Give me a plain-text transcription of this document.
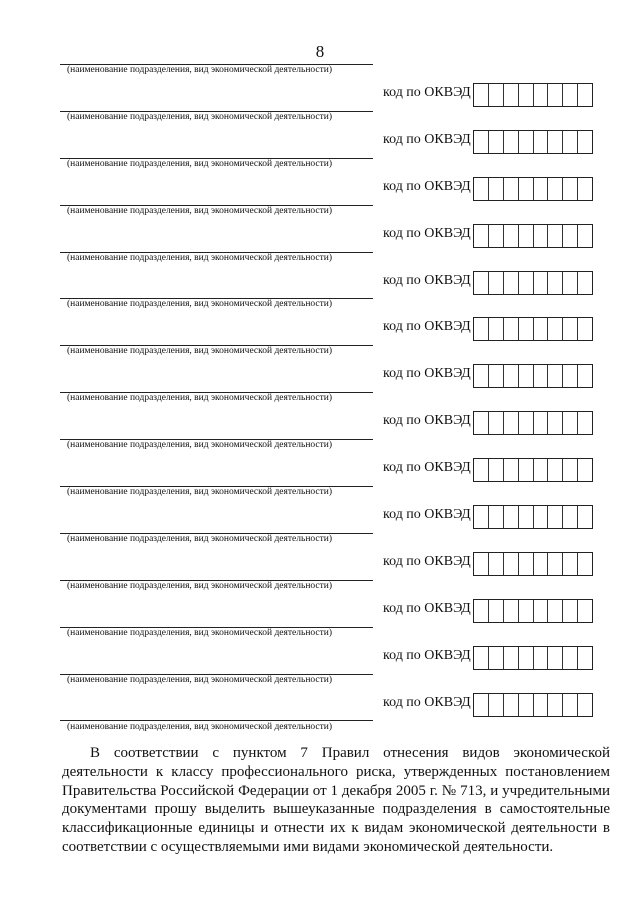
8
(наименование подразделения, вид экономической деятельности)
код по ОКВЭД
(наименование подразделения, вид экономической деятельности)
код по ОКВЭД
(наименование подразделения, вид экономической деятельности)
код по ОКВЭД
(наименование подразделения, вид экономической деятельности)
код по ОКВЭД
(наименование подразделения, вид экономической деятельности)
код по ОКВЭД
(наименование подразделения, вид экономической деятельности)
код по ОКВЭД
(наименование подразделения, вид экономической деятельности)
код по ОКВЭД
(наименование подразделения, вид экономической деятельности)
код по ОКВЭД
(наименование подразделения, вид экономической деятельности)
код по ОКВЭД
(наименование подразделения, вид экономической деятельности)
код по ОКВЭД
(наименование подразделения, вид экономической деятельности)
код по ОКВЭД
(наименование подразделения, вид экономической деятельности)
код по ОКВЭД
(наименование подразделения, вид экономической деятельности)
код по ОКВЭД
(наименование подразделения, вид экономической деятельности)
код по ОКВЭД
(наименование подразделения, вид экономической деятельности)
В соответствии с пунктом 7 Правил отнесения видов экономической деятельности к классу профессионального риска, утвержденных постановлением Правительства Российской Федерации от 1 декабря 2005 г. № 713, и учредительными документами прошу выделить вышеуказанные подразделения в самостоятельные классификационные единицы и отнести их к видам экономической деятельности в соответствии с осуществляемыми ими видами экономической деятельности.
